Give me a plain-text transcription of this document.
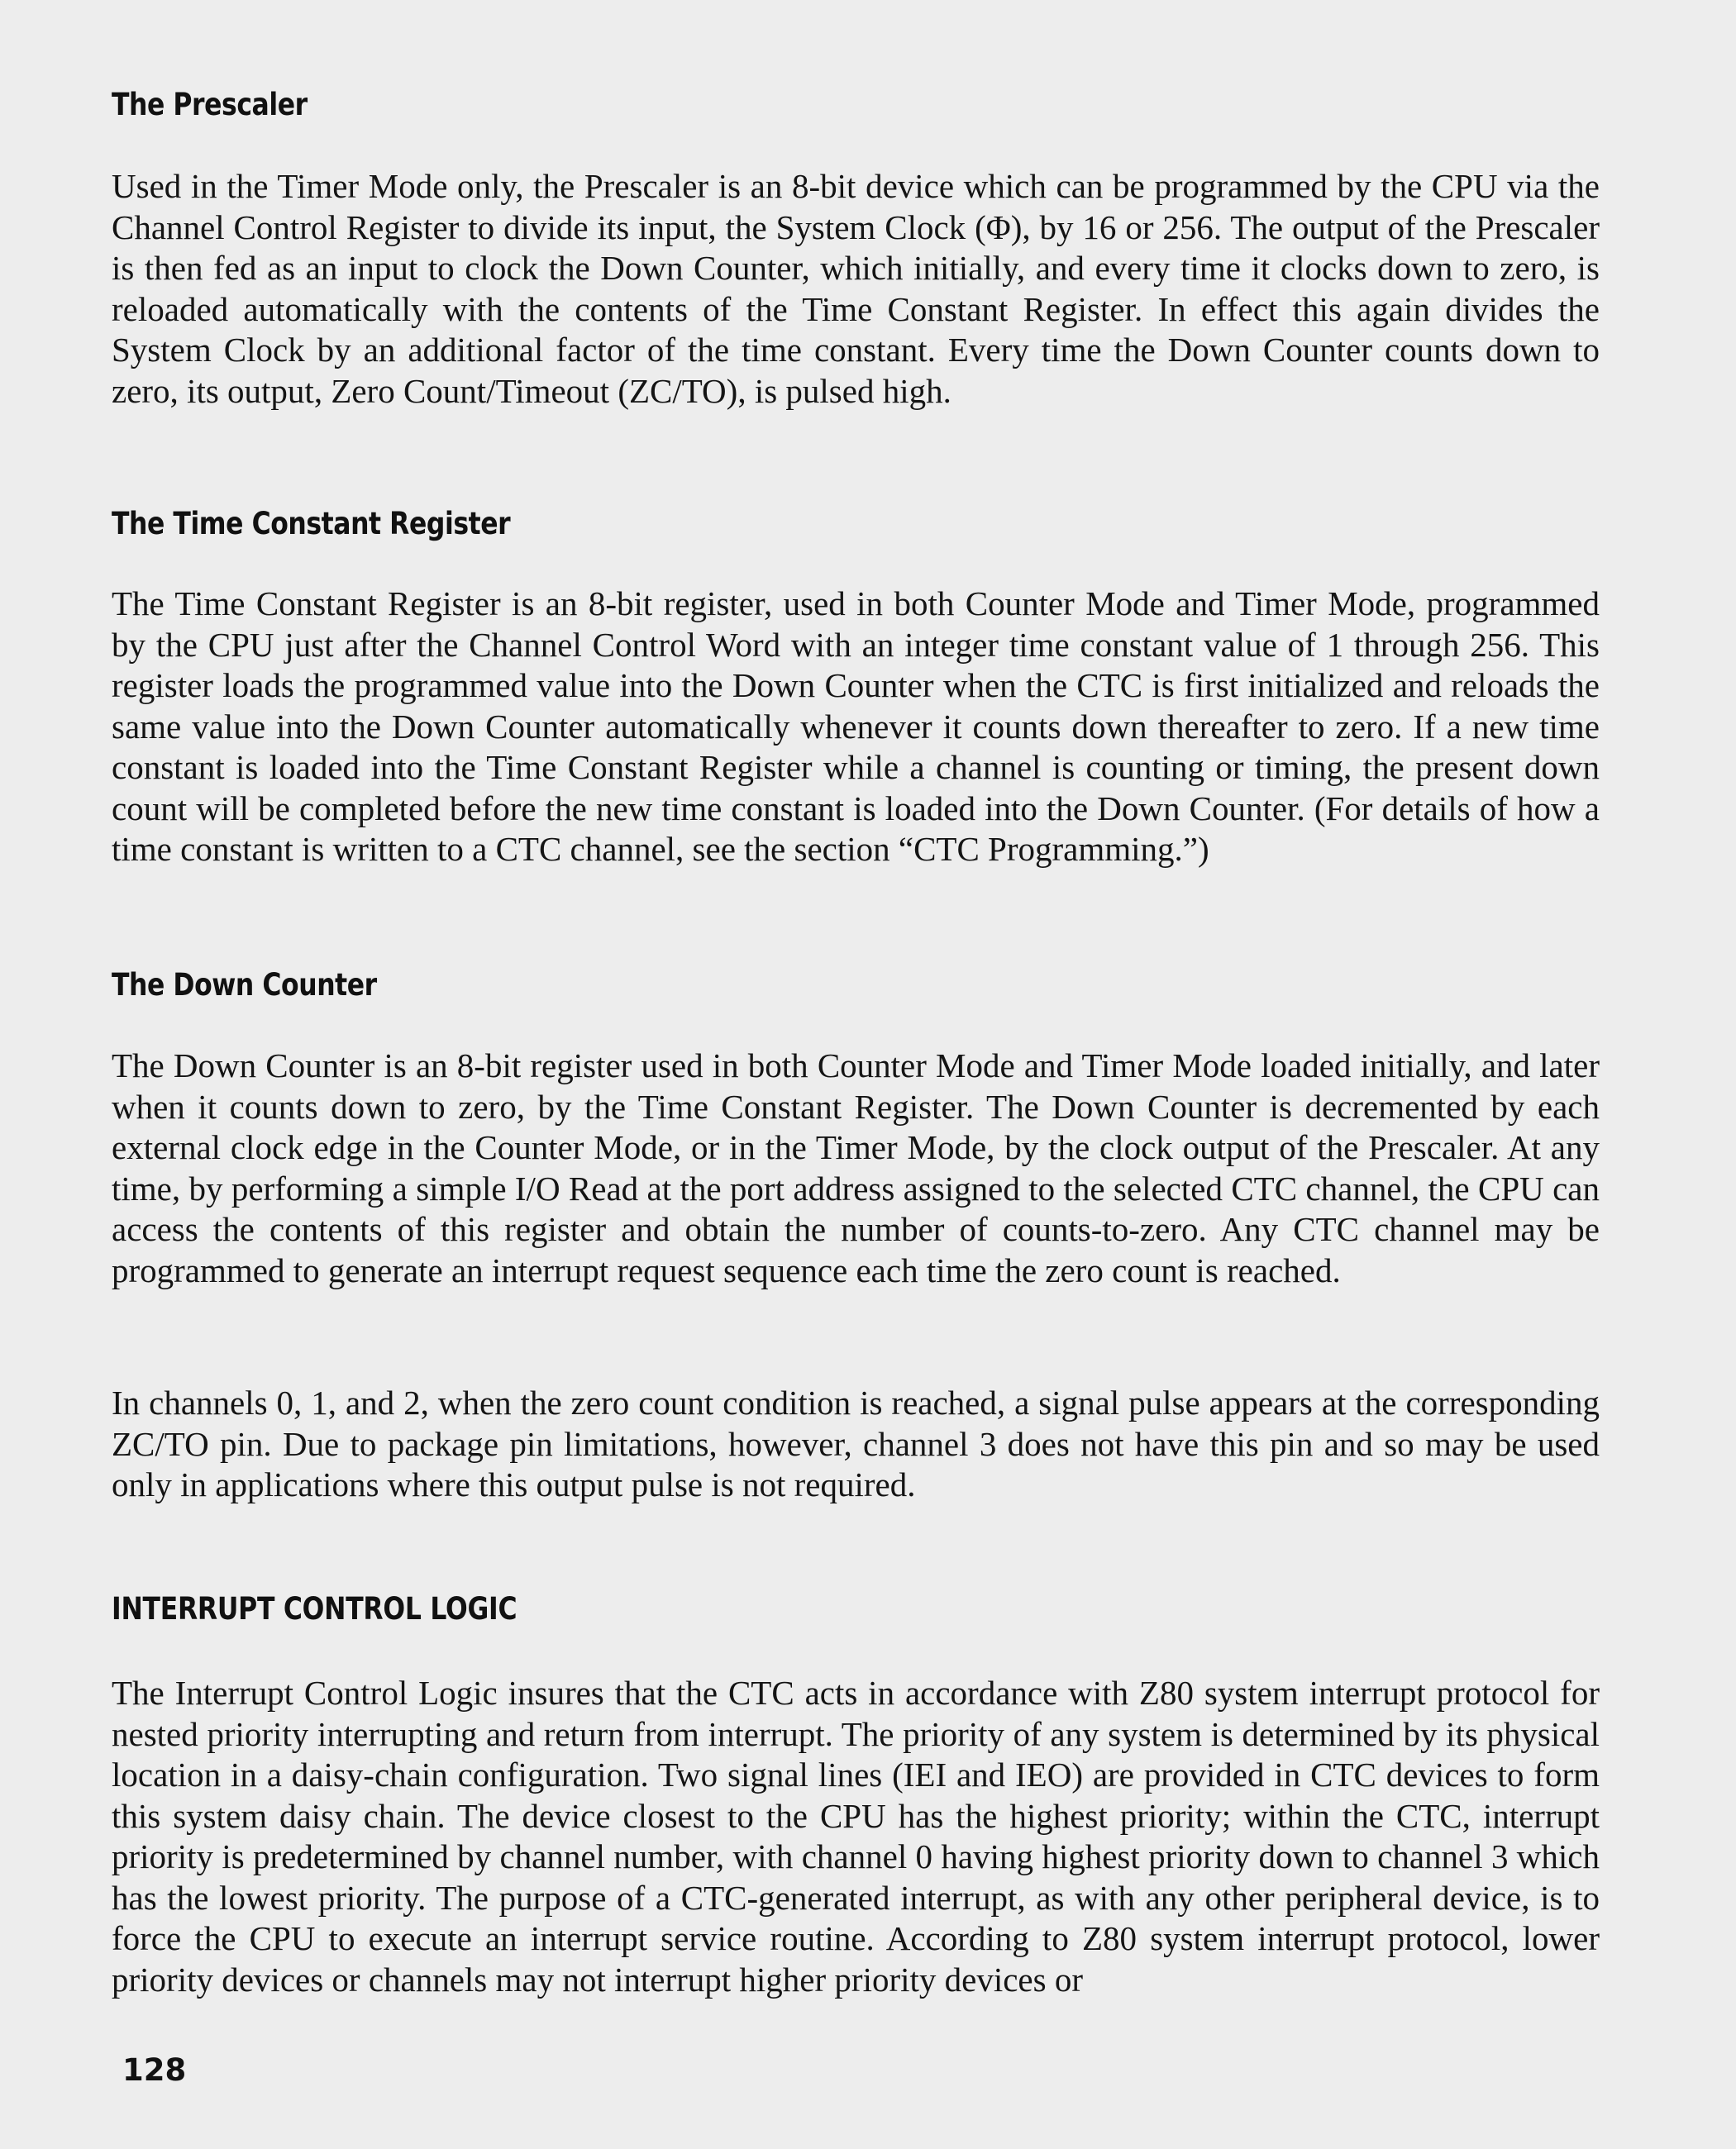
The Prescaler

Used in the Timer Mode only, the Prescaler is an 8-bit device which can be programmed by the CPU via the Channel Control Register to divide its input, the System Clock (Φ), by 16 or 256. The output of the Prescaler is then fed as an input to clock the Down Counter, which initially, and every time it clocks down to zero, is reloaded automatically with the contents of the Time Constant Register. In effect this again divides the System Clock by an additional factor of the time constant. Every time the Down Counter counts down to zero, its output, Zero Count/Timeout (ZC/TO), is pulsed high.

The Time Constant Register

The Time Constant Register is an 8-bit register, used in both Counter Mode and Timer Mode, programmed by the CPU just after the Channel Control Word with an integer time constant value of 1 through 256. This register loads the programmed value into the Down Counter when the CTC is first initialized and reloads the same value into the Down Counter automatically whenever it counts down thereafter to zero. If a new time constant is loaded into the Time Constant Register while a channel is counting or timing, the present down count will be completed before the new time constant is loaded into the Down Counter. (For details of how a time constant is written to a CTC channel, see the section “CTC Programming.”)

The Down Counter

The Down Counter is an 8-bit register used in both Counter Mode and Timer Mode loaded initially, and later when it counts down to zero, by the Time Constant Register. The Down Counter is decremented by each external clock edge in the Counter Mode, or in the Timer Mode, by the clock output of the Prescaler. At any time, by performing a simple I/O Read at the port address assigned to the selected CTC channel, the CPU can access the contents of this register and obtain the number of counts-to-zero. Any CTC channel may be programmed to generate an interrupt request sequence each time the zero count is reached.

In channels 0, 1, and 2, when the zero count condition is reached, a signal pulse appears at the corresponding ZC/TO pin. Due to package pin limitations, however, channel 3 does not have this pin and so may be used only in applications where this output pulse is not required.

INTERRUPT CONTROL LOGIC

The Interrupt Control Logic insures that the CTC acts in accordance with Z80 system interrupt protocol for nested priority interrupting and return from interrupt. The priority of any system is determined by its physical location in a daisy-chain configuration. Two signal lines (IEI and IEO) are provided in CTC devices to form this system daisy chain. The device closest to the CPU has the highest priority; within the CTC, interrupt priority is predetermined by channel number, with channel 0 having highest priority down to channel 3 which has the lowest priority. The purpose of a CTC-generated interrupt, as with any other peripheral device, is to force the CPU to execute an interrupt service routine. According to Z80 system interrupt protocol, lower priority devices or channels may not interrupt higher priority devices or

128
